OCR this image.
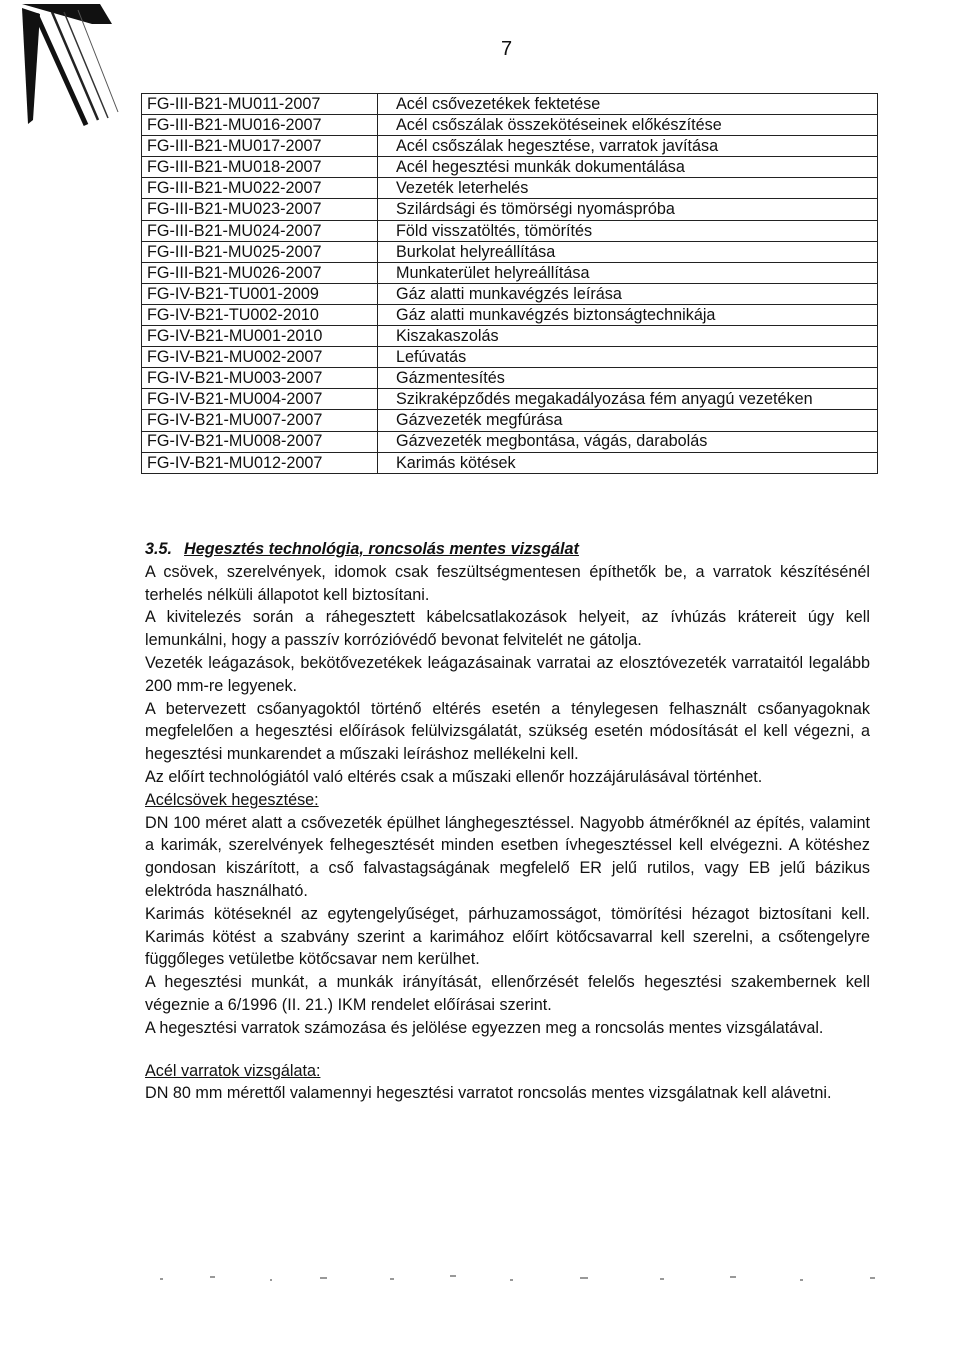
7
FG-III-B21-MU011-2007	Acél csővezetékek fektetése
FG-III-B21-MU016-2007	Acél csőszálak összekötéseinek előkészítése
FG-III-B21-MU017-2007	Acél csőszálak hegesztése, varratok javítása
FG-III-B21-MU018-2007	Acél hegesztési munkák dokumentálása
FG-III-B21-MU022-2007	Vezeték leterhelés
FG-III-B21-MU023-2007	Szilárdsági és tömörségi nyomáspróba
FG-III-B21-MU024-2007	Föld visszatöltés, tömörítés
FG-III-B21-MU025-2007	Burkolat helyreállítása
FG-III-B21-MU026-2007	Munkaterület helyreállítása
FG-IV-B21-TU001-2009	Gáz alatti munkavégzés leírása
FG-IV-B21-TU002-2010	Gáz alatti munkavégzés biztonságtechnikája
FG-IV-B21-MU001-2010	Kiszakaszolás
FG-IV-B21-MU002-2007	Lefúvatás
FG-IV-B21-MU003-2007	Gázmentesítés
FG-IV-B21-MU004-2007	Szikraképződés megakadályozása fém anyagú vezetéken
FG-IV-B21-MU007-2007	Gázvezeték megfúrása
FG-IV-B21-MU008-2007	Gázvezeték megbontása, vágás, darabolás
FG-IV-B21-MU012-2007	Karimás kötések

3.5. Hegesztés technológia, roncsolás mentes vizsgálat

A csövek, szerelvények, idomok csak feszültségmentesen építhetők be, a varratok készítésénél terhelés nélküli állapotot kell biztosítani.

A kivitelezés során a ráhegesztett kábelcsatlakozások helyeit, az ívhúzás krátereit úgy kell lemunkálni, hogy a passzív korrózióvédő bevonat felvitelét ne gátolja.

Vezeték leágazások, bekötővezetékek leágazásainak varratai az elosztóvezeték varrataitól legalább 200 mm-re legyenek.

A betervezett csőanyagoktól történő eltérés esetén a ténylegesen felhasznált csőanyagoknak megfelelően a hegesztési előírások felülvizsgálatát, szükség esetén módosítását el kell végezni, a hegesztési munkarendet a műszaki leíráshoz mellékelni kell.

Az előírt technológiától való eltérés csak a műszaki ellenőr hozzájárulásával történhet.

Acélcsövek hegesztése:

DN 100 méret alatt a csővezeték épülhet lánghegesztéssel. Nagyobb átmérőknél az építés, valamint a karimák, szerelvények felhegesztését minden esetben ívhegesztéssel kell elvégezni. A kötéshez gondosan kiszárított, a cső falvastagságának megfelelő ER jelű rutilos, vagy EB jelű bázikus elektróda használható.

Karimás kötéseknél az egytengelyűséget, párhuzamosságot, tömörítési hézagot biztosítani kell. Karimás kötést a szabvány szerint a karimához előírt kötőcsavarral kell szerelni, a csőtengelyre függőleges vetületbe kötőcsavar nem kerülhet.

A hegesztési munkát, a munkák irányítását, ellenőrzését felelős hegesztési szakembernek kell végeznie a 6/1996 (II. 21.) IKM rendelet előírásai szerint.

A hegesztési varratok számozása és jelölése egyezzen meg a roncsolás mentes vizsgálatával.

Acél varratok vizsgálata:

DN 80 mm mérettől valamennyi hegesztési varratot roncsolás mentes vizsgálatnak kell alávetni.
